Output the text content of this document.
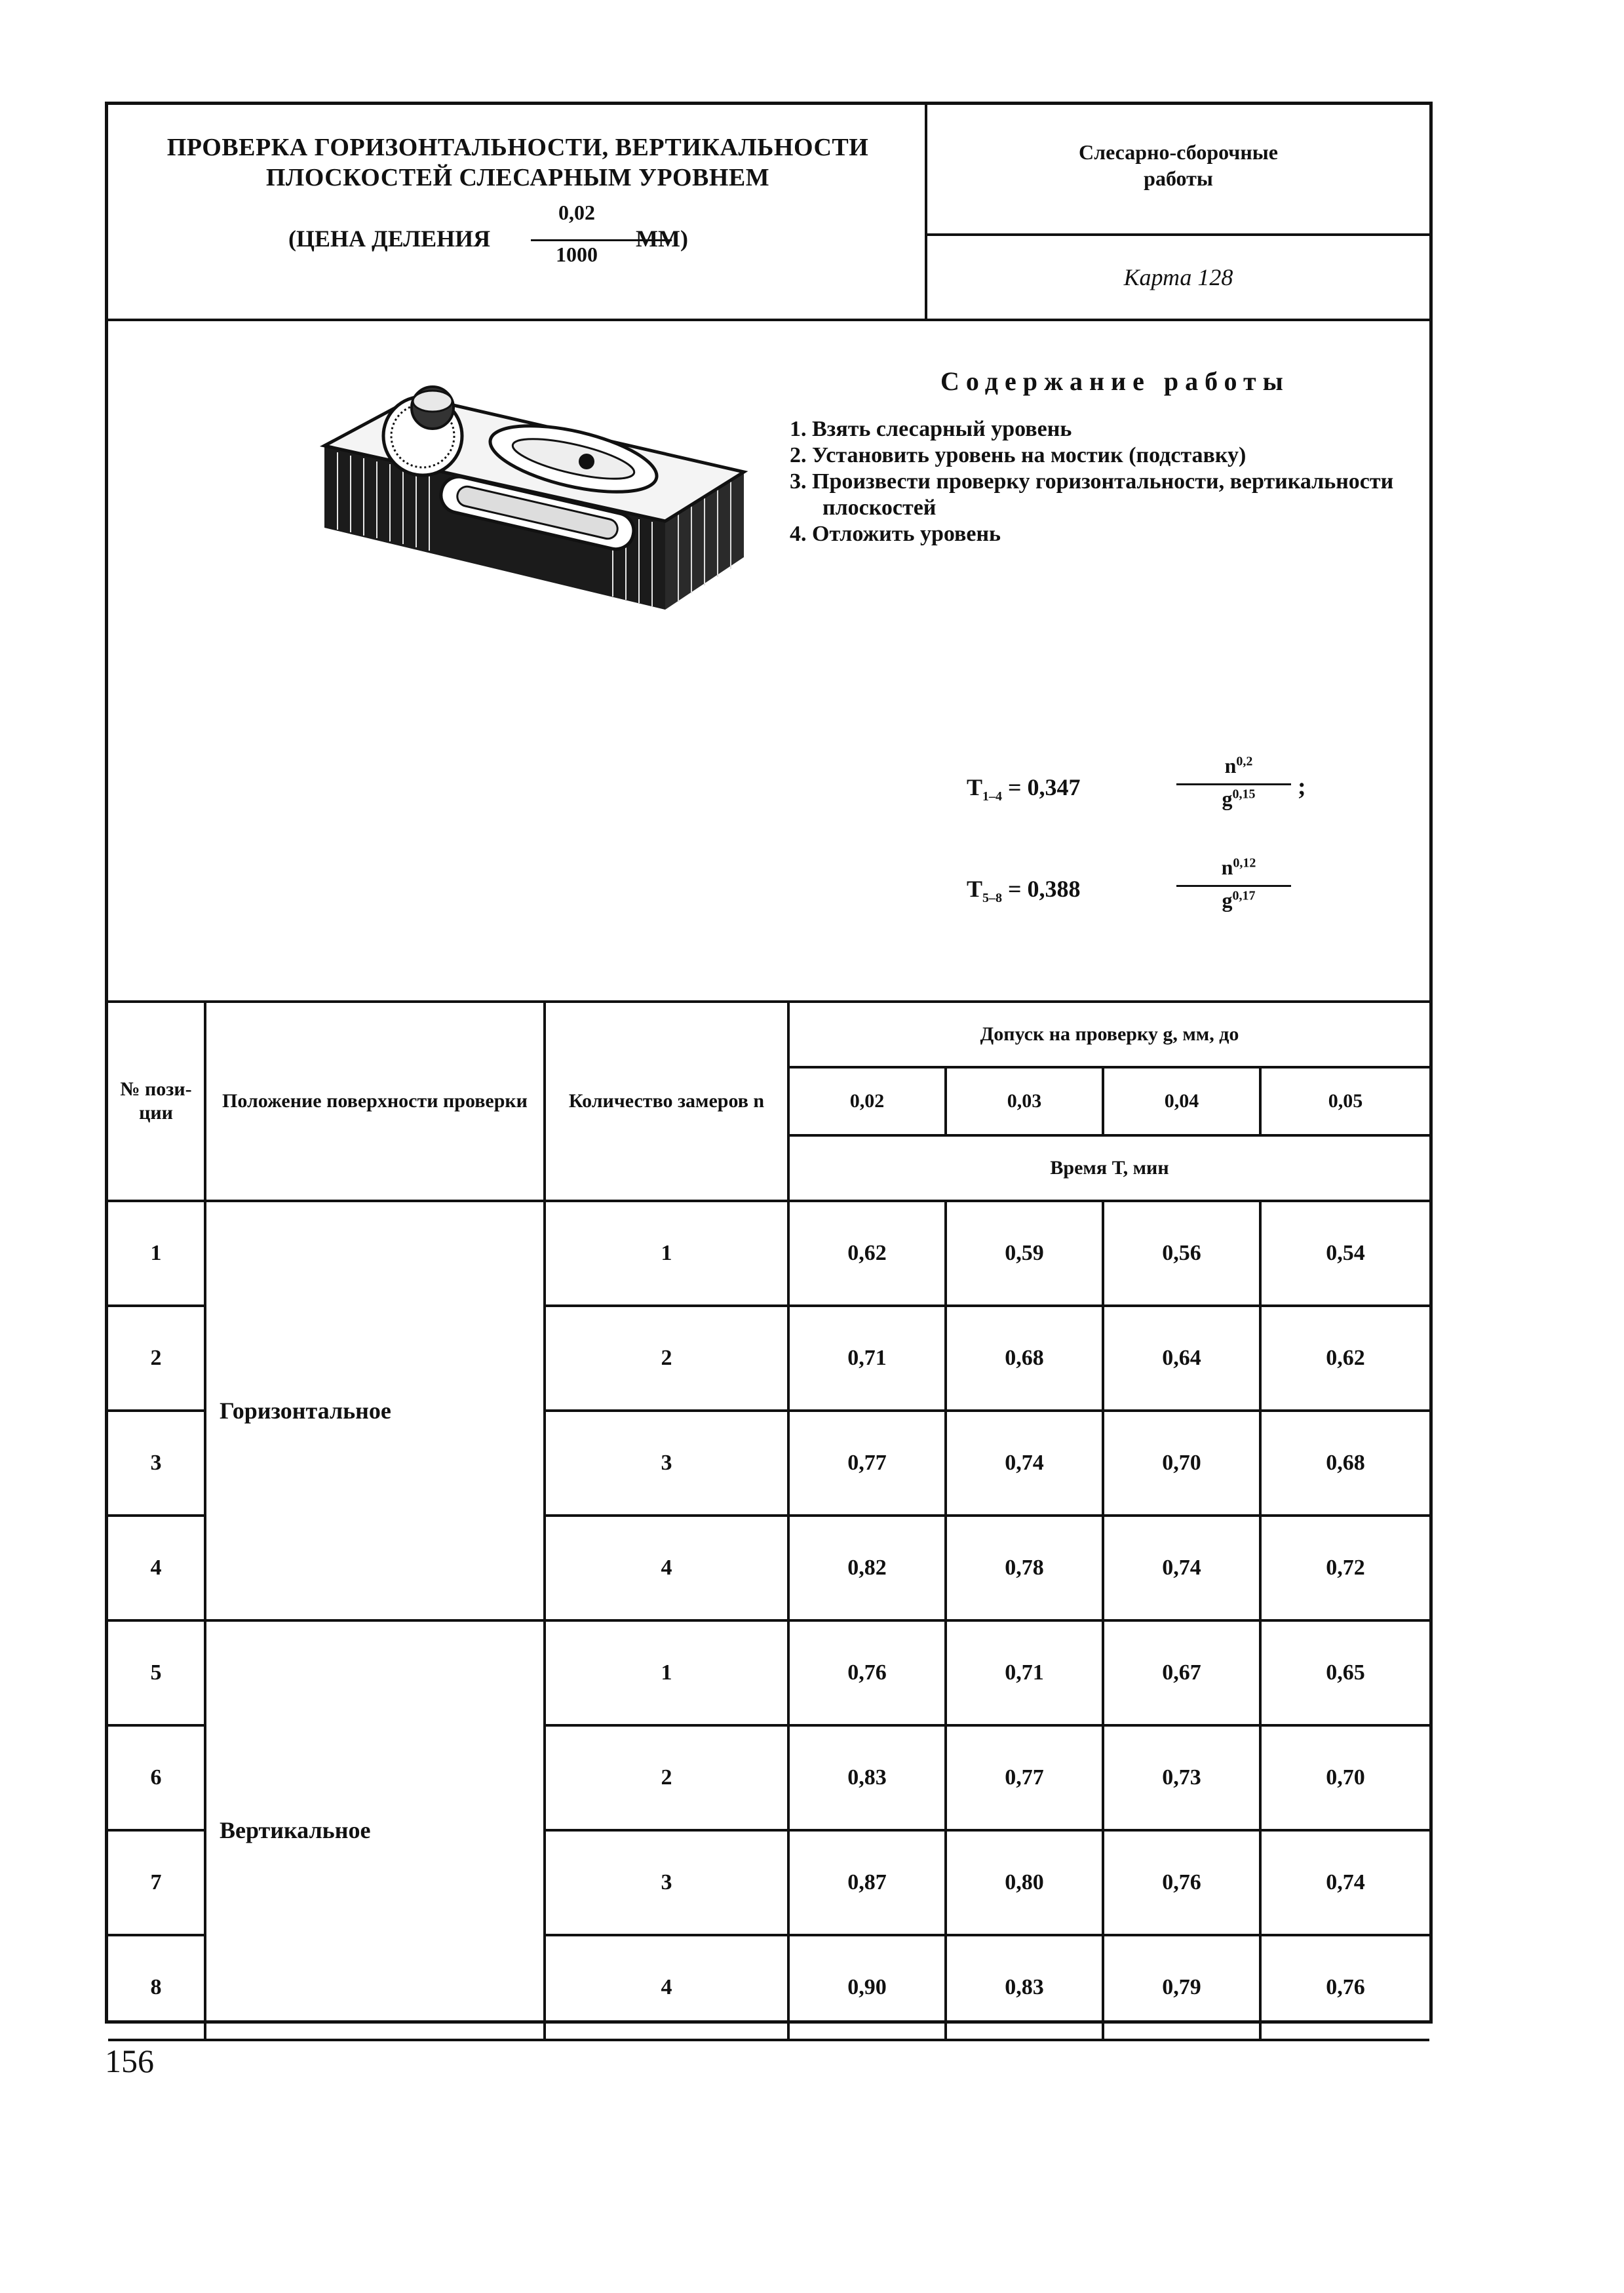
ПРОВЕРКА ГОРИЗОНТАЛЬНОСТИ, ВЕРТИКАЛЬНОСТИ
ПЛОСКОСТЕЙ СЛЕСАРНЫМ УРОВНЕМ
(ЦЕНА ДЕЛЕНИЯ
0,02
1000
ММ)
Слесарно-сборочные
работы
Карта 128
Содержание работы
1. Взять слесарный уровень
2. Установить уровень на мостик (подставку)
3. Произвести проверку горизонтальности, вертикальности плоскостей
4. Отложить уровень
$T_{1-4} = 0,347$
$n^{0,2}$
$g^{0,15}$	;
$T_{5-8} = 0,388$
$n^{0,12}$
$g^{0,17}$
№ пози-ции	Положение поверхности проверки	Количество замеров n	Допуск на проверку g, мм, до			
			0,02	0,03	0,04	0,05
			Время Т, мин			
1	Горизонтальное	1	0,62	0,59	0,56	0,54
2		2	0,71	0,68	0,64	0,62
3		3	0,77	0,74	0,70	0,68
4		4	0,82	0,78	0,74	0,72
5	Вертикальное	1	0,76	0,71	0,67	0,65
6		2	0,83	0,77	0,73	0,70
7		3	0,87	0,80	0,76	0,74
8		4	0,90	0,83	0,79	0,76
156
